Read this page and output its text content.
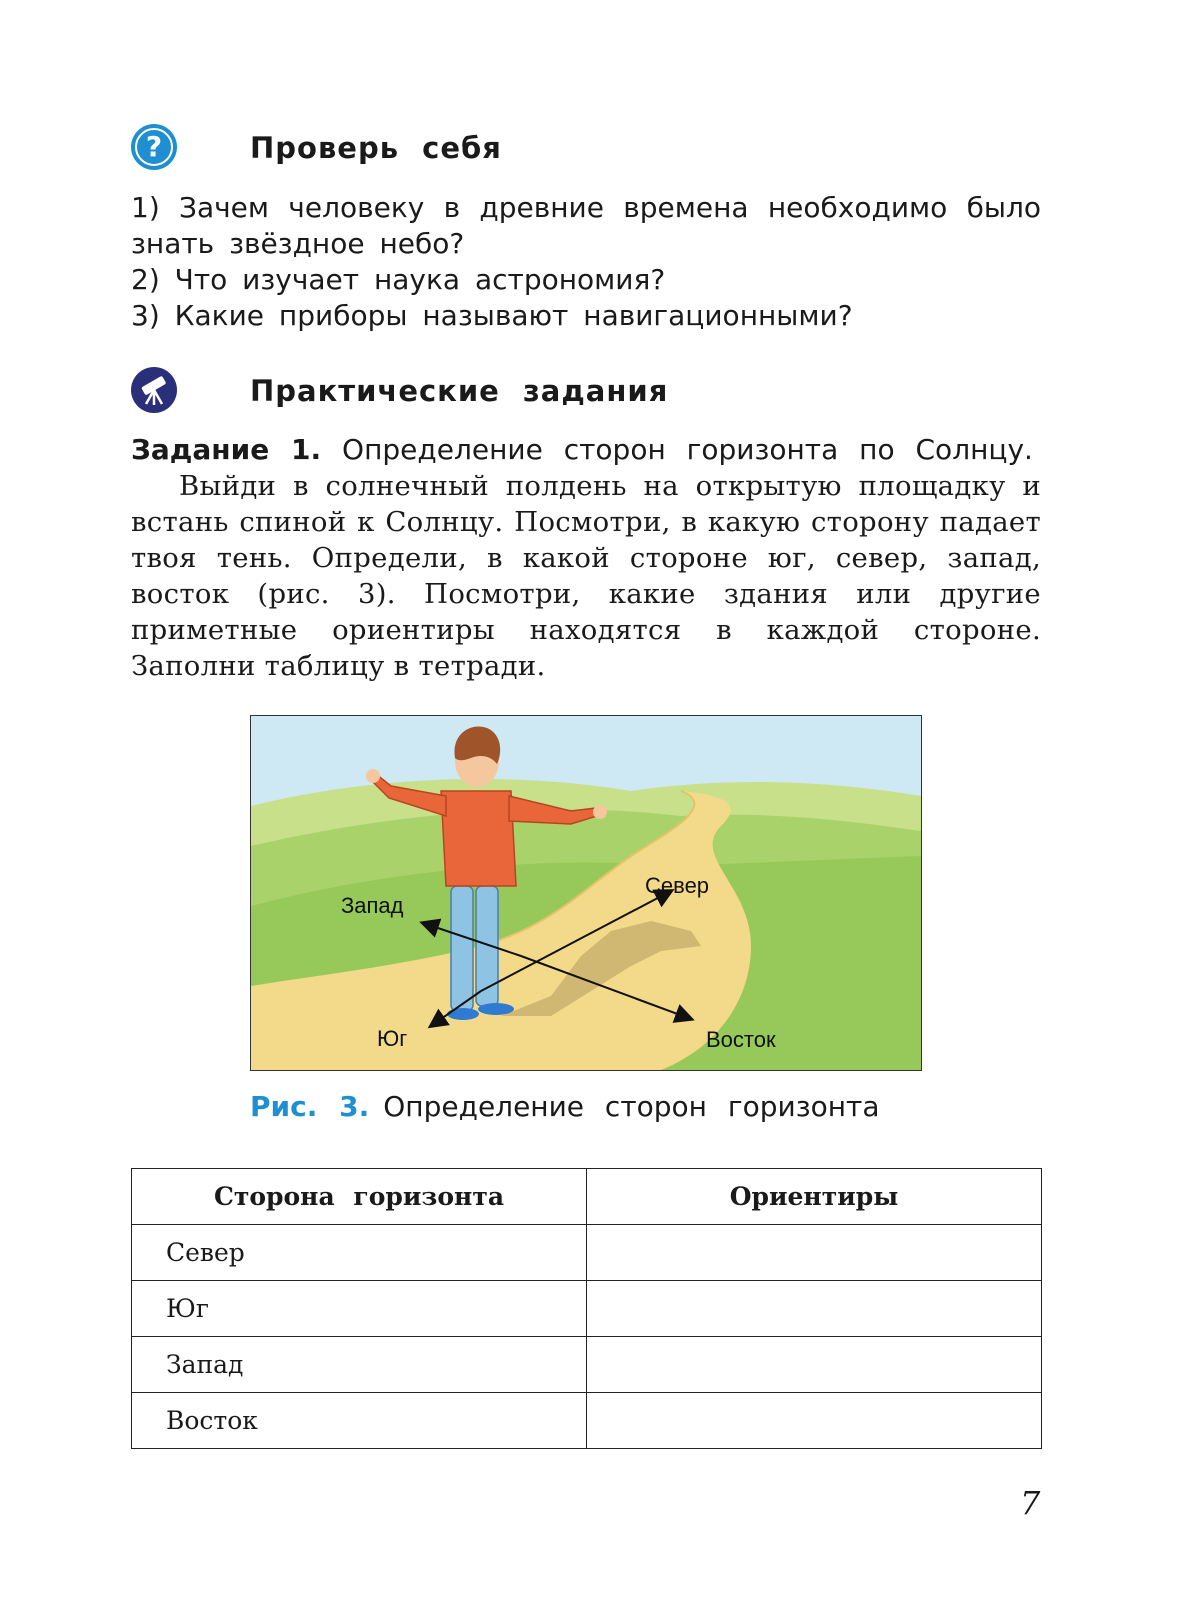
?	Проверь себя
1) Зачем человеку в древние времена необходимо было
знать звёздное небо?
2) Что изучает наука астрономия?
3) Какие приборы называют навигационными?
Практические задания
Задание 1. Определение сторон горизонта по Солнцу.
Выйди в солнечный полдень на открытую площадку и встань спиной к Солнцу. Посмотри, в какую сторону падает твоя тень. Определи, в какой стороне юг, север, запад, восток (рис. 3). Посмотри, какие здания или другие приметные ориентиры находятся в каждой стороне. Заполни таблицу в тетради.
Север
Запад
Юг	Восток
Рис. 3. Определение сторон горизонта
Сторона горизонта	Ориентиры
Север	
Юг	
Запад	
Восток	
7
